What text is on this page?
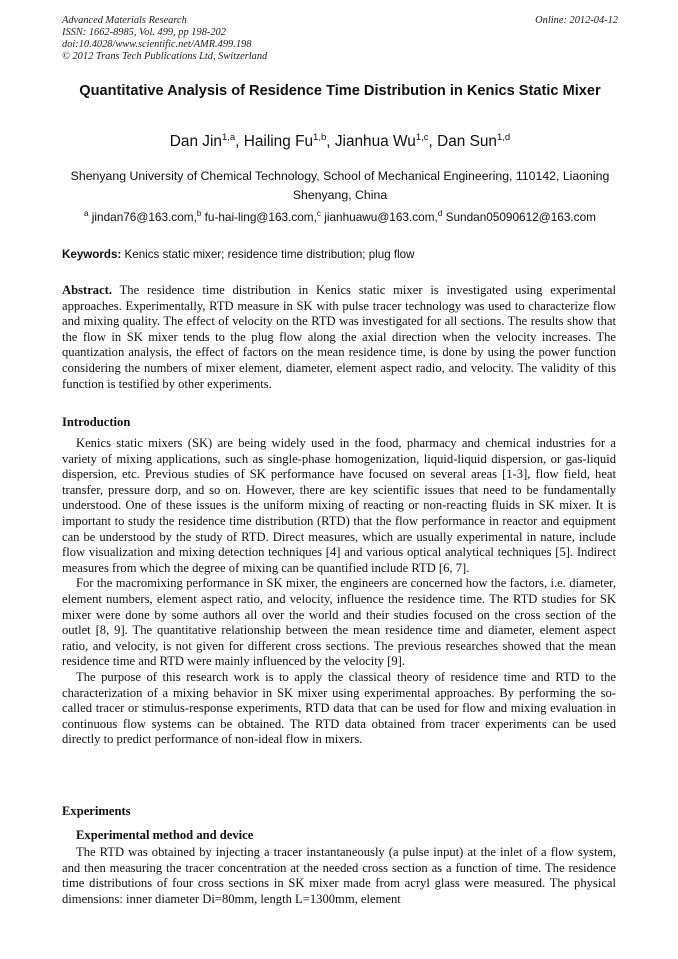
Advanced Materials Research
ISSN: 1662-8985, Vol. 499, pp 198-202
doi:10.4028/www.scientific.net/AMR.499.198
© 2012 Trans Tech Publications Ltd, Switzerland
Online: 2012-04-12
Quantitative Analysis of Residence Time Distribution in Kenics Static Mixer
Dan Jin$^{1,a}$, Hailing Fu$^{1,b}$, Jianhua Wu$^{1,c}$, Dan Sun$^{1,d}$
Shenyang University of Chemical Technology, School of Mechanical Engineering, 110142, Liaoning Shenyang, China
$^a$ jindan76@163.com,$^b$ fu-hai-ling@163.com,$^c$ jianhuawu@163.com,$^d$ Sundan05090612@163.com
Keywords: Kenics static mixer; residence time distribution; plug flow
Abstract. The residence time distribution in Kenics static mixer is investigated using experimental approaches. Experimentally, RTD measure in SK with pulse tracer technology was used to characterize flow and mixing quality. The effect of velocity on the RTD was investigated for all sections. The results show that the flow in SK mixer tends to the plug flow along the axial direction when the velocity increases. The quantization analysis, the effect of factors on the mean residence time, is done by using the power function considering the numbers of mixer element, diameter, element aspect radio, and velocity. The validity of this function is testified by other experiments.
Introduction

Kenics static mixers (SK) are being widely used in the food, pharmacy and chemical industries for a variety of mixing applications, such as single-phase homogenization, liquid-liquid dispersion, or gas-liquid dispersion, etc. Previous studies of SK performance have focused on several areas [1-3], flow field, heat transfer, pressure dorp, and so on. However, there are key scientific issues that need to be fundamentally understood. One of these issues is the uniform mixing of reacting or non-reacting fluids in SK mixer. It is important to study the residence time distribution (RTD) that the flow performance in reactor and equipment can be understood by the study of RTD. Direct measures, which are usually experimental in nature, include flow visualization and mixing detection techniques [4] and various optical analytical techniques [5]. Indirect measures from which the degree of mixing can be quantified include RTD [6, 7].

For the macromixing performance in SK mixer, the engineers are concerned how the factors, i.e. diameter, element numbers, element aspect ratio, and velocity, influence the residence time. The RTD studies for SK mixer were done by some authors all over the world and their studies focused on the cross section of the outlet [8, 9]. The quantitative relationship between the mean residence time and diameter, element aspect ratio, and velocity, is not given for different cross sections. The previous researches showed that the mean residence time and RTD were mainly influenced by the velocity [9].

The purpose of this research work is to apply the classical theory of residence time and RTD to the characterization of a mixing behavior in SK mixer using experimental approaches. By performing the so-called tracer or stimulus-response experiments, RTD data that can be used for flow and mixing evaluation in continuous flow systems can be obtained. The RTD data obtained from tracer experiments can be used directly to predict performance of non-ideal flow in mixers.

Experiments
Experimental method and device

The RTD was obtained by injecting a tracer instantaneously (a pulse input) at the inlet of a flow system, and then measuring the tracer concentration at the needed cross section as a function of time. The residence time distributions of four cross sections in SK mixer made from acryl glass were measured. The physical dimensions: inner diameter Di=80mm, length L=1300mm, element
